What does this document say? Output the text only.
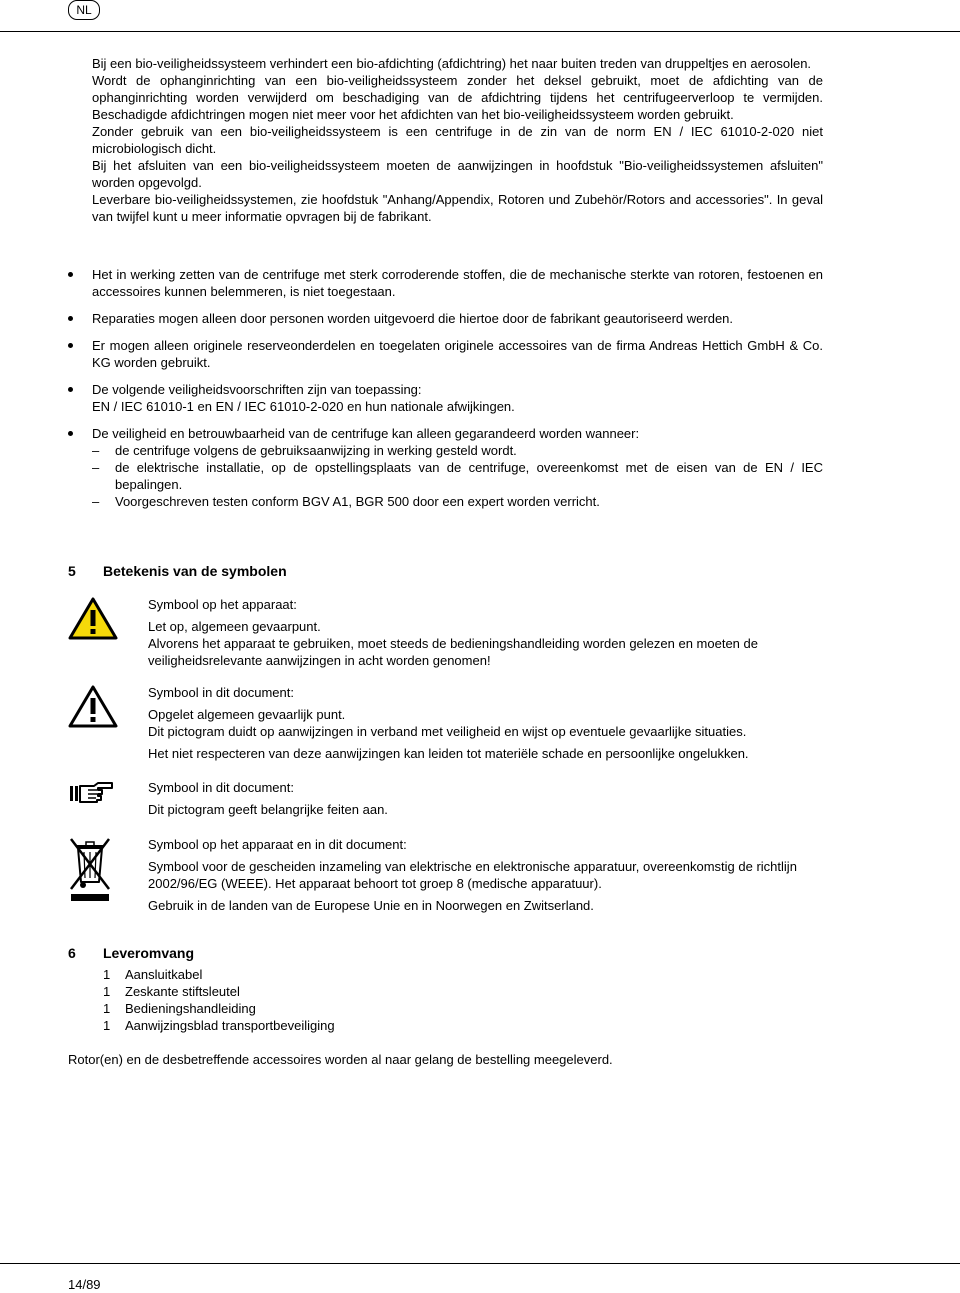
NL

Bij een bio-veiligheidssysteem verhindert een bio-afdichting (afdichtring) het naar buiten treden van druppeltjes en aerosolen.

Wordt de ophanginrichting van een bio-veiligheidssysteem zonder het deksel gebruikt, moet de afdichting van de ophanginrichting worden verwijderd om beschadiging van de afdichtring tijdens het centrifugeerverloop te vermijden. Beschadigde afdichtringen mogen niet meer voor het afdichten van het bio-veiligheidssysteem worden gebruikt.

Zonder gebruik van een bio-veiligheidssysteem is een centrifuge in de zin van de norm EN / IEC 61010-2-020 niet microbiologisch dicht.

Bij het afsluiten van een bio-veiligheidssysteem moeten de aanwijzingen in hoofdstuk "Bio-veiligheidssystemen afsluiten" worden opgevolgd.

Leverbare bio-veiligheidssystemen, zie hoofdstuk "Anhang/Appendix, Rotoren und Zubehör/Rotors and accessories". In geval van twijfel kunt u meer informatie opvragen bij de fabrikant.

Het in werking zetten van de centrifuge met sterk corroderende stoffen, die de mechanische sterkte van rotoren, festoenen en accessoires kunnen belemmeren, is niet toegestaan.

Reparaties mogen alleen door personen worden uitgevoerd die hiertoe door de fabrikant geautoriseerd werden.

Er mogen alleen originele reserveonderdelen en toegelaten originele accessoires van de firma Andreas Hettich GmbH & Co. KG worden gebruikt.

De volgende veiligheidsvoorschriften zijn van toepassing:

EN / IEC 61010-1 en EN / IEC 61010-2-020 en hun nationale afwijkingen.

De veiligheid en betrouwbaarheid van de centrifuge kan alleen gegarandeerd worden wanneer:

– de centrifuge volgens de gebruiksaanwijzing in werking gesteld wordt.
– de elektrische installatie, op de opstellingsplaats van de centrifuge, overeenkomst met de eisen van de EN / IEC bepalingen.
– Voorgeschreven testen conform BGV A1, BGR 500 door een expert worden verricht.
5 Betekenis van de symbolen

Symbool op het apparaat:

Let op, algemeen gevaarpunt.

Alvorens het apparaat te gebruiken, moet steeds de bedieningshandleiding worden gelezen en moeten de veiligheidsrelevante aanwijzingen in acht worden genomen!

Symbool in dit document:

Opgelet algemeen gevaarlijk punt.

Dit pictogram duidt op aanwijzingen in verband met veiligheid en wijst op eventuele gevaarlijke situaties.

Het niet respecteren van deze aanwijzingen kan leiden tot materiële schade en persoonlijke ongelukken.

Symbool in dit document:

Dit pictogram geeft belangrijke feiten aan.

Symbool op het apparaat en in dit document:

Symbool voor de gescheiden inzameling van elektrische en elektronische apparatuur, overeenkomstig de richtlijn 2002/96/EG (WEEE). Het apparaat behoort tot groep 8 (medische apparatuur).

Gebruik in de landen van de Europese Unie en in Noorwegen en Zwitserland.

6 Leveromvang
1 Aansluitkabel
1 Zeskante stiftsleutel
1 Bedieningshandleiding
1 Aanwijzingsblad transportbeveiliging
Rotor(en) en de desbetreffende accessoires worden al naar gelang de bestelling meegeleverd.
14/89
